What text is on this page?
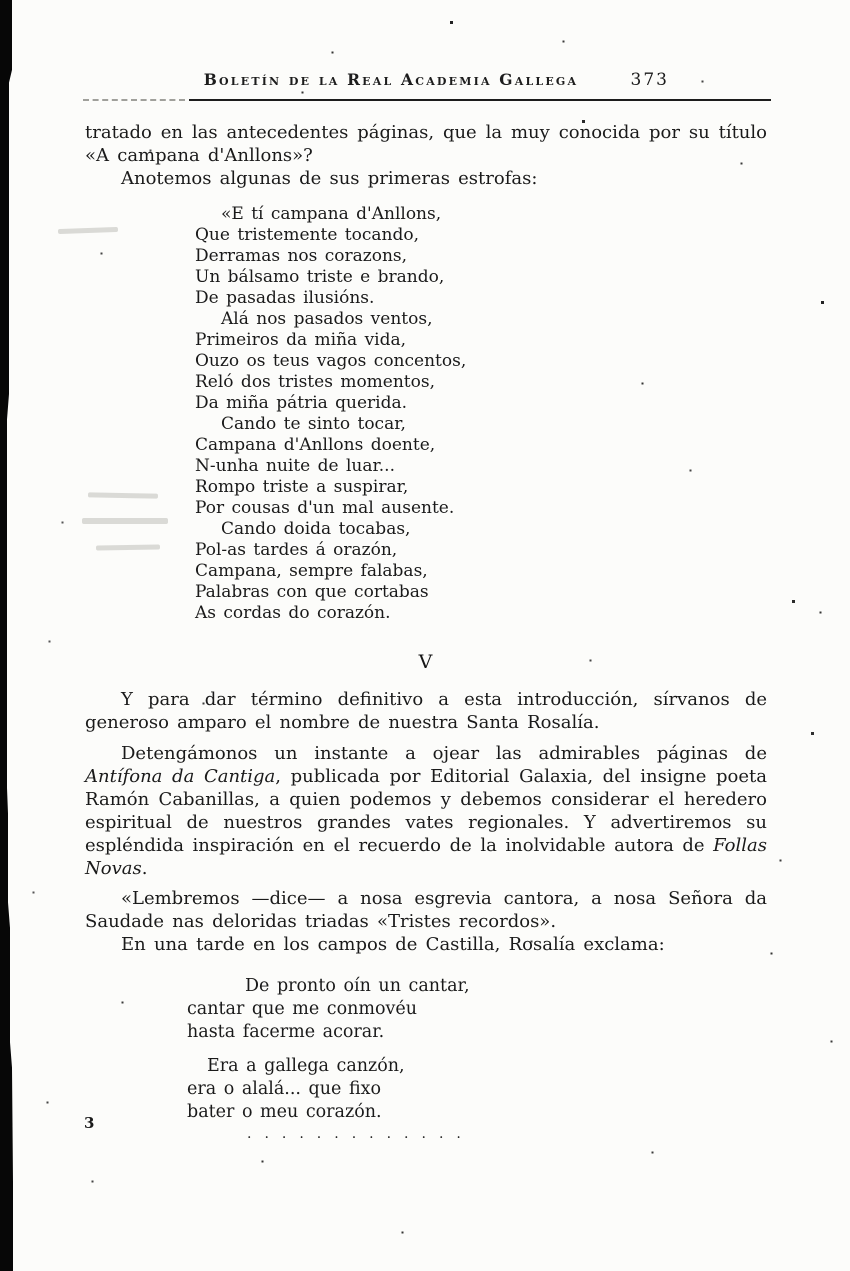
Boletín de la Real Academia Gallega	373

tratado en las antecedentes páginas, que la muy conocida por su título «A campana d'Anllons»?

Anotemos algunas de sus primeras estrofas:

«E tí campana d'Anllons,
Que tristemente tocando,
Derramas nos corazons,
Un bálsamo triste e brando,
De pasadas ilusións.
Alá nos pasados ventos,
Primeiros da miña vida,
Ouzo os teus vagos concentos,
Reló dos tristes momentos,
Da miña pátria querida.
Cando te sinto tocar,
Campana d'Anllons doente,
N-unha nuite de luar...
Rompo triste a suspirar,
Por cousas d'un mal ausente.
Cando doida tocabas,
Pol-as tardes á orazón,
Campana, sempre falabas,
Palabras con que cortabas
As cordas do corazón.
V

Y para dar término definitivo a esta introducción, sírvanos de generoso amparo el nombre de nuestra Santa Rosalía.

Detengámonos un instante a ojear las admirables páginas de Antífona da Cantiga, publicada por Editorial Galaxia, del insigne poeta Ramón Cabanillas, a quien podemos y debemos considerar el heredero espiritual de nuestros grandes vates regionales. Y advertiremos su espléndida inspiración en el recuerdo de la inolvidable autora de Follas Novas.

«Lembremos —dice— a nosa esgrevia cantora, a nosa Señora da Saudade nas deloridas triadas «Tristes recordos».

En una tarde en los campos de Castilla, Rosalía exclama:

De pronto oín un cantar,
cantar que me conmovéu
hasta facerme acorar.
Era a gallega canzón,
era o alalá... que fixo
bater o meu corazón.
.............
3
